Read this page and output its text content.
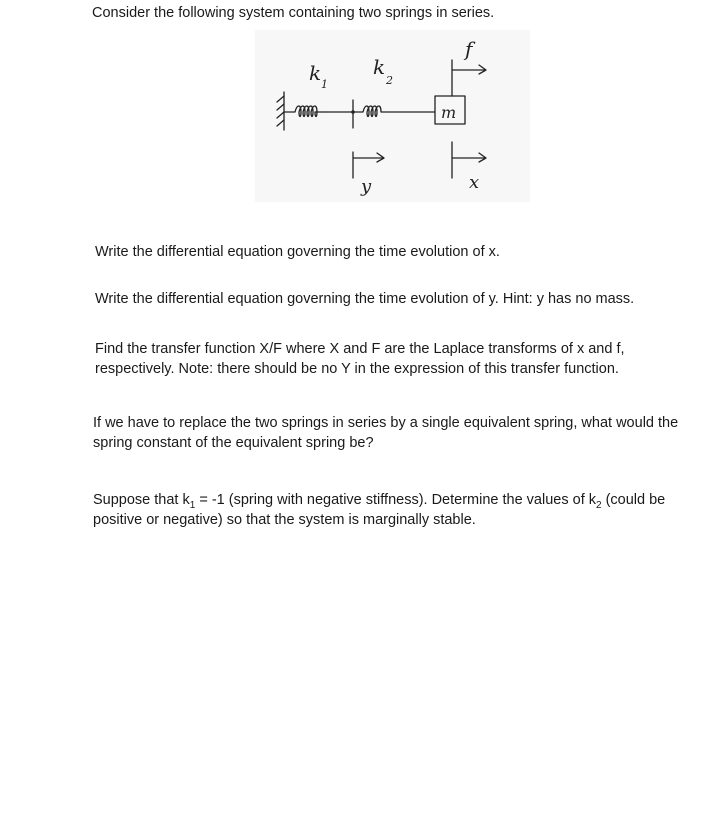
Consider the following system containing two springs in series.

k 1
k
2
m
f
y	x

Write the differential equation governing the time evolution of x.

Write the differential equation governing the time evolution of y. Hint: y has no mass.

Find the transfer function X/F where X and F are the Laplace transforms of x and f,
respectively. Note: there should be no Y in the expression of this transfer function.
If we have to replace the two springs in series by a single equivalent spring, what would the
spring constant of the equivalent spring be?
Suppose that $k_1 = -1$ (spring with negative stiffness). Determine the values of $k_2$ (could be
positive or negative) so that the system is marginally stable.
